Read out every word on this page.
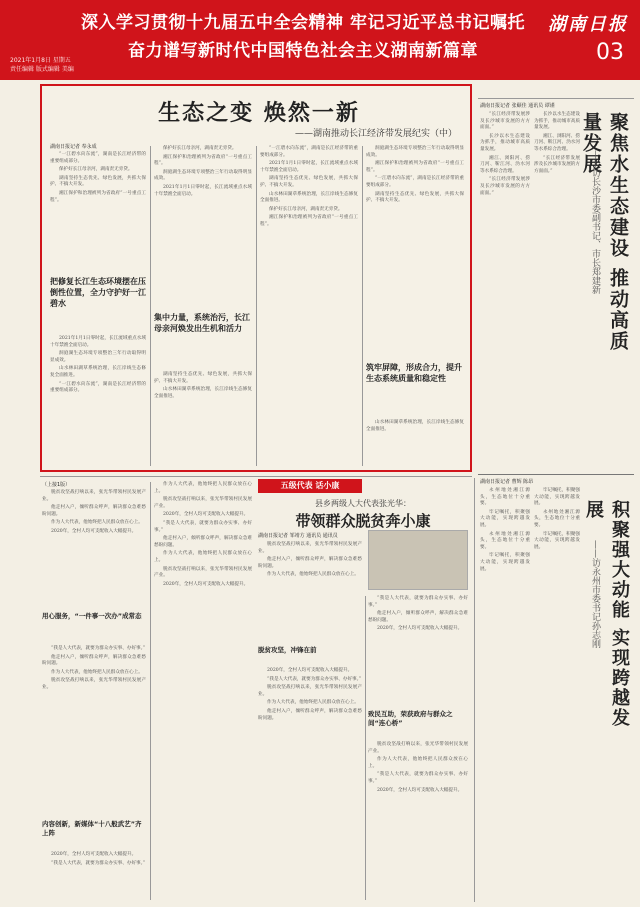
深入学习贯彻十九届五中全会精神 牢记习近平总书记嘱托
奋力谱写新时代中国特色社会主义湖南新篇章
2021年1月8日 星期五
责任编辑 版式编辑 美编
湖南日报
03
生态之变 焕然一新
——湖南推动长江经济带发展纪实（中）
湖南日报记者 奉永成

“一江碧水向东流”，湖南是长江经济带的重要组成部分。

保护好长江母亲河，湖南责无旁贷。

湖南坚持生态优先、绿色发展，共抓大保护、不搞大开发。

湘江保护和治理被列为省政府“一号重点工程”。

把修复长江生态环境摆在压倒性位置，全力守护好一江碧水

2021年1月1日零时起，长江流域重点水域十年禁渔全面启动。

洞庭湖生态环境专项整治三年行动取得明显成效。

山水林田湖草系统治理，长江岸线生态修复全面推进。

“一江碧水向东流”，湖南是长江经济带的重要组成部分。

保护好长江母亲河，湖南责无旁贷。

湘江保护和治理被列为省政府“一号重点工程”。

洞庭湖生态环境专项整治三年行动取得明显成效。

2021年1月1日零时起，长江流域重点水域十年禁渔全面启动。

集中力量，系统治污，长江母亲河焕发出生机和活力

湖南坚持生态优先、绿色发展，共抓大保护、不搞大开发。

山水林田湖草系统治理，长江岸线生态修复全面推进。

“一江碧水向东流”，湖南是长江经济带的重要组成部分。

2021年1月1日零时起，长江流域重点水域十年禁渔全面启动。

湖南坚持生态优先、绿色发展，共抓大保护、不搞大开发。

山水林田湖草系统治理，长江岸线生态修复全面推进。

保护好长江母亲河，湖南责无旁贷。

湘江保护和治理被列为省政府“一号重点工程”。

洞庭湖生态环境专项整治三年行动取得明显成效。

湘江保护和治理被列为省政府“一号重点工程”。

“一江碧水向东流”，湖南是长江经济带的重要组成部分。

湖南坚持生态优先、绿色发展，共抓大保护、不搞大开发。

筑牢屏障，形成合力，提升生态系统质量和稳定性

山水林田湖草系统治理，长江岸线生态修复全面推进。

湖南日报记者 张颐佳 通讯员 谭谨

“长江经济带发展涉及长沙城市发展的方方面面。”

长沙以水生态建设为抓手，推动城市高质量发展。

湘江、浏阳河、捞刀河、靳江河、沩水河等水系综合治理。

“长江经济带发展涉及长沙城市发展的方方面面。”

长沙以水生态建设为抓手，推动城市高质量发展。

湘江、浏阳河、捞刀河、靳江河、沩水河等水系综合治理。

“长江经济带发展涉及长沙城市发展的方方面面。”	聚焦水生态建设 推动高质量发展
——访长沙市委副书记、市长郑建新
湖南日报记者 曹辉 陈昂

永州地处湘江源头，生态地位十分重要。

牢记嘱托，积聚强大动能，实现跨越发展。

永州地处湘江源头，生态地位十分重要。

牢记嘱托，积聚强大动能，实现跨越发展。

牢记嘱托，积聚强大动能，实现跨越发展。

永州地处湘江源头，生态地位十分重要。

牢记嘱托，积聚强大动能，实现跨越发展。	积聚强大动能 实现跨越发展
——访永州市委书记孙志刚
（上接1版）

脱贫攻坚战打响以来，张光华带领村民发展产业。

他走村入户，倾听群众呼声，解决群众急难愁盼问题。

作为人大代表，他始终把人民群众放在心上。

2020年，全村人均可支配收入大幅提升。

用心服务，“一件事一次办”成常态

“我是人大代表，就要为群众办实事、办好事。”

他走村入户，倾听群众呼声，解决群众急难愁盼问题。

作为人大代表，他始终把人民群众放在心上。

脱贫攻坚战打响以来，张光华带领村民发展产业。

内容创新，新媒体“十八般武艺”齐上阵

2020年，全村人均可支配收入大幅提升。

“我是人大代表，就要为群众办实事、办好事。”

作为人大代表，他始终把人民群众放在心上。

脱贫攻坚战打响以来，张光华带领村民发展产业。

2020年，全村人均可支配收入大幅提升。

“我是人大代表，就要为群众办实事、办好事。”

他走村入户，倾听群众呼声，解决群众急难愁盼问题。

作为人大代表，他始终把人民群众放在心上。

脱贫攻坚战打响以来，张光华带领村民发展产业。

2020年，全村人均可支配收入大幅提升。

五级代表 话小康
县乡两级人大代表张光华：
带领群众脱贫奔小康
湖南日报记者 邹靖方 通讯员 通讯员

脱贫攻坚战打响以来，张光华带领村民发展产业。

他走村入户，倾听群众呼声，解决群众急难愁盼问题。

作为人大代表，他始终把人民群众放在心上。

脱贫攻坚，冲锋在前

2020年，全村人均可支配收入大幅提升。

“我是人大代表，就要为群众办实事、办好事。”

脱贫攻坚战打响以来，张光华带领村民发展产业。

作为人大代表，他始终把人民群众放在心上。

他走村入户，倾听群众呼声，解决群众急难愁盼问题。

“我是人大代表，就要为群众办实事、办好事。”

他走村入户，倾听群众呼声，解决群众急难愁盼问题。

2020年，全村人均可支配收入大幅提升。

致民互助，荣获政府与群众之间“连心桥”

脱贫攻坚战打响以来，张光华带领村民发展产业。

作为人大代表，他始终把人民群众放在心上。

“我是人大代表，就要为群众办实事、办好事。”

2020年，全村人均可支配收入大幅提升。
